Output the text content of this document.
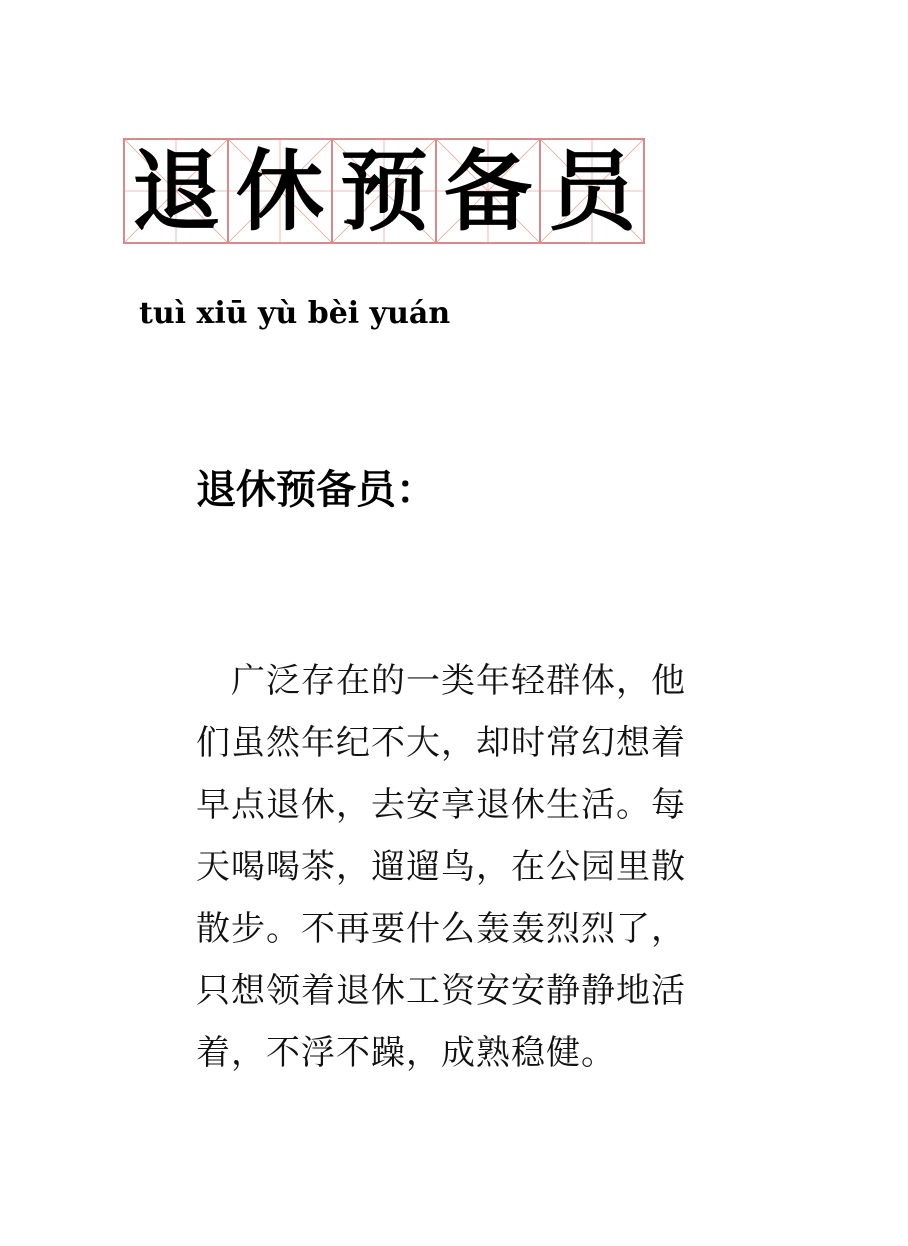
退 休 预 备 员
tuì xiū yù bèi yuán
退休预备员：
　广泛存在的一类年轻群体，他
们虽然年纪不大，却时常幻想着
早点退休，去安享退休生活。每
天喝喝茶，遛遛鸟，在公园里散
散步。不再要什么轰轰烈烈了，
只想领着退休工资安安静静地活
着，不浮不躁，成熟稳健。
